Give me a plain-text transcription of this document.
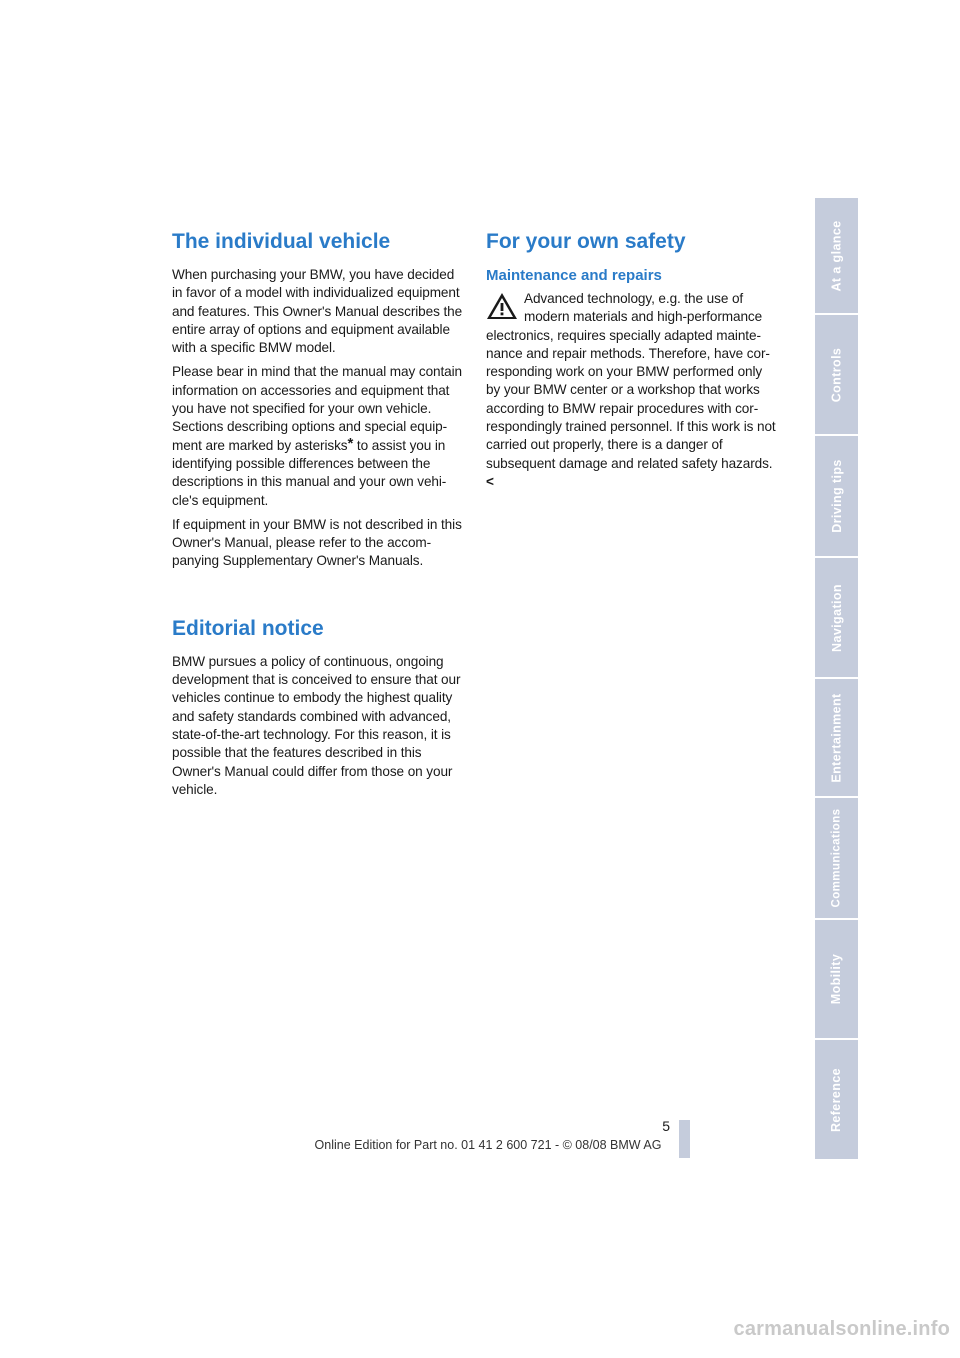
The individual vehicle

When purchasing your BMW, you have decided in favor of a model with individualized equipment and features. This Owner's Manual describes the entire array of options and equipment available with a specific BMW model.

Please bear in mind that the manual may contain information on accessories and equipment that you have not specified for your own vehicle. Sections describing options and special equipment are marked by asterisks* to assist you in identifying possible differences between the descriptions in this manual and your own vehicle's equipment.

If equipment in your BMW is not described in this Owner's Manual, please refer to the accompanying Supplementary Owner's Manuals.

Editorial notice

BMW pursues a policy of continuous, ongoing development that is conceived to ensure that our vehicles continue to embody the highest quality and safety standards combined with advanced, state-of-the-art technology. For this reason, it is possible that the features described in this Owner's Manual could differ from those on your vehicle.

For your own safety
Maintenance and repairs

Advanced technology, e.g. the use of modern materials and high-performance electronics, requires specially adapted maintenance and repair methods. Therefore, have corresponding work on your BMW performed only by your BMW center or a workshop that works according to BMW repair procedures with correspondingly trained personnel. If this work is not carried out properly, there is a danger of subsequent damage and related safety hazards.<

At a glance
Controls
Driving tips
Navigation
Entertainment
Communications
Mobility
Reference
5
Online Edition for Part no. 01 41 2 600 721 - © 08/08 BMW AG
carmanualsonline.info
